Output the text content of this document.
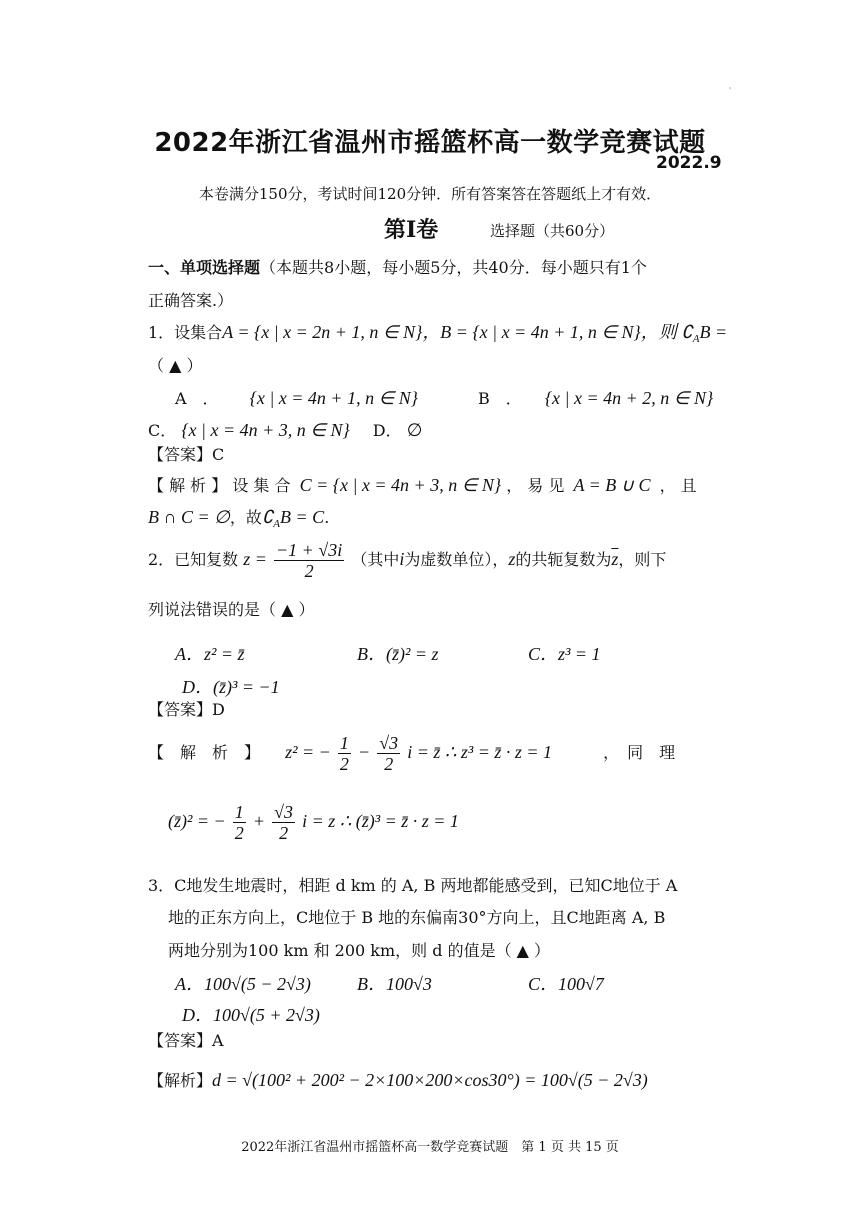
'
2022年浙江省温州市摇篮杯高一数学竞赛试题
2022.9
本卷满分150分，考试时间120分钟．所有答案答在答题纸上才有效．
第Ⅰ卷	选择题（共60分）
一、单项选择题（本题共8小题，每小题5分，共40分．每小题只有1个
正确答案.）
1．设集合A = {x | x = 2n + 1, n ∈ N}，B = {x | x = 4n + 1, n ∈ N}，则 $∁_AB$ =
（ ▲ ）
A　． {x | x = 4n + 1, n ∈ N}	B　． {x | x = 4n + 2, n ∈ N}
C． {x | x = 4n + 3, n ∈ N} D． ∅
【答案】C
【 解 析 】 设 集 合 C = {x | x = 4n + 3, n ∈ N} ， 易 见 A = B ∪ C ， 且
B ∩ C = ∅，故$∁_AB = C$.
2．已知复数 $z = \frac{-1 + √3i}{2}$ （其中i为虚数单位），z的共轭复数为$\overline{z}$，则下
列说法错误的是（ ▲ ）
A．z² = z̄	B．(z̄)² = z	C．z³ = 1
D．(z̄)³ = −1
【答案】D
【　解　析　】 z² = − $\frac{1}{2} - \frac{√3}{2}$ i = z̄ ∴ z³ = z̄ · z = 1	，　同　理
(z̄)² = − $\frac{1}{2} + \frac{√3}{2}$ i = z ∴ (z̄)³ = z̄ · z = 1
3．C地发生地震时，相距 d km 的 A, B 两地都能感受到，已知C地位于 A
地的正东方向上，C地位于 B 地的东偏南30°方向上，且C地距离 A, B
两地分别为100 km 和 200 km，则 d 的值是（ ▲ ）
A．100√(5 − 2√3)	B．100√3	C．100√7
D．100√(5 + 2√3)
【答案】A
【解析】d = √(100² + 200² − 2×100×200×cos30°) = 100√(5 − 2√3)
2022年浙江省温州市摇篮杯高一数学竞赛试题　第 1 页 共 15 页
